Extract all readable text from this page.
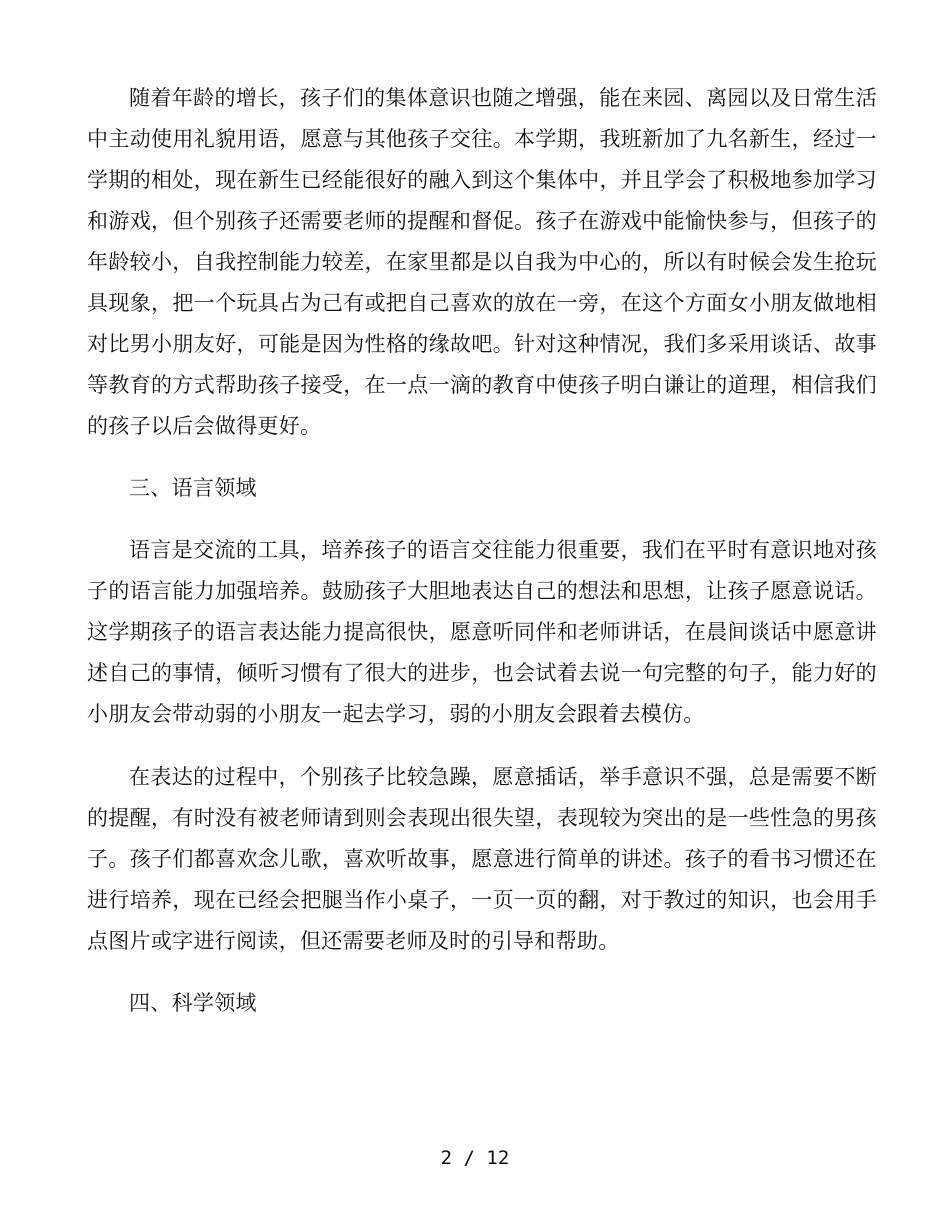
随着年龄的增长，孩子们的集体意识也随之增强，能在来园、离园以及日常生活中主动使用礼貌用语，愿意与其他孩子交往。本学期，我班新加了九名新生，经过一学期的相处，现在新生已经能很好的融入到这个集体中，并且学会了积极地参加学习和游戏，但个别孩子还需要老师的提醒和督促。孩子在游戏中能愉快参与，但孩子的年龄较小，自我控制能力较差，在家里都是以自我为中心的，所以有时候会发生抢玩具现象，把一个玩具占为己有或把自己喜欢的放在一旁，在这个方面女小朋友做地相对比男小朋友好，可能是因为性格的缘故吧。针对这种情况，我们多采用谈话、故事等教育的方式帮助孩子接受，在一点一滴的教育中使孩子明白谦让的道理，相信我们的孩子以后会做得更好。

三、语言领域

语言是交流的工具，培养孩子的语言交往能力很重要，我们在平时有意识地对孩子的语言能力加强培养。鼓励孩子大胆地表达自己的想法和思想，让孩子愿意说话。这学期孩子的语言表达能力提高很快，愿意听同伴和老师讲话，在晨间谈话中愿意讲述自己的事情，倾听习惯有了很大的进步，也会试着去说一句完整的句子，能力好的小朋友会带动弱的小朋友一起去学习，弱的小朋友会跟着去模仿。

在表达的过程中，个别孩子比较急躁，愿意插话，举手意识不强，总是需要不断的提醒，有时没有被老师请到则会表现出很失望，表现较为突出的是一些性急的男孩子。孩子们都喜欢念儿歌，喜欢听故事，愿意进行简单的讲述。孩子的看书习惯还在进行培养，现在已经会把腿当作小桌子，一页一页的翻，对于教过的知识，也会用手点图片或字进行阅读，但还需要老师及时的引导和帮助。

四、科学领域

2 / 12
